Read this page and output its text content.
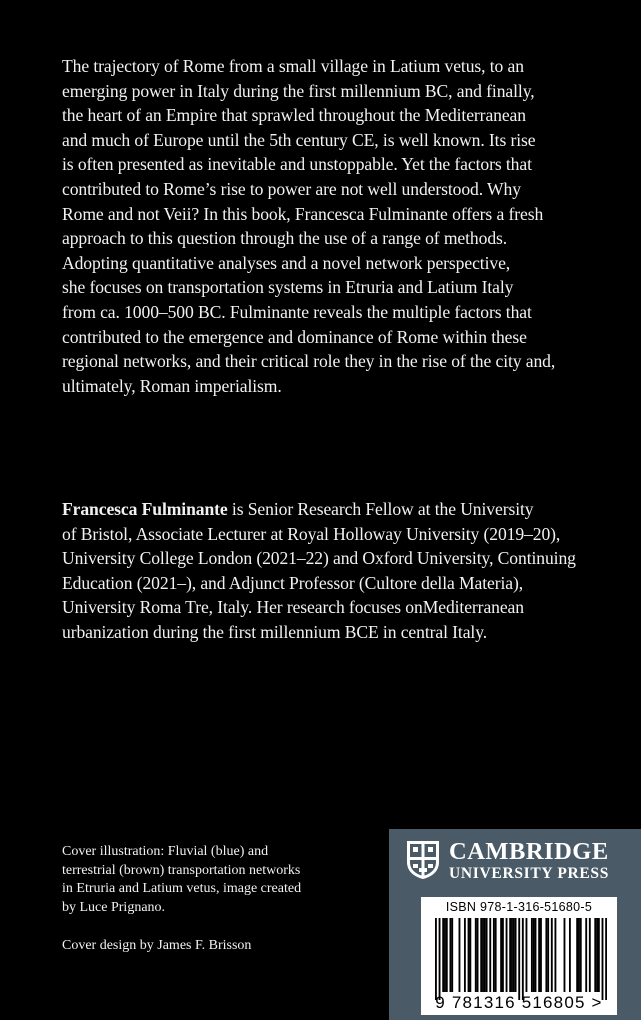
The trajectory of Rome from a small village in Latium vetus, to an
emerging power in Italy during the first millennium BC, and finally,
the heart of an Empire that sprawled throughout the Mediterranean
and much of Europe until the 5th century CE, is well known. Its rise
is often presented as inevitable and unstoppable. Yet the factors that
contributed to Rome’s rise to power are not well understood. Why
Rome and not Veii? In this book, Francesca Fulminante offers a fresh
approach to this question through the use of a range of methods.
Adopting quantitative analyses and a novel network perspective,
she focuses on transportation systems in Etruria and Latium Italy
from ca. 1000–500 BC. Fulminante reveals the multiple factors that
contributed to the emergence and dominance of Rome within these
regional networks, and their critical role they in the rise of the city and,
ultimately, Roman imperialism.
Francesca Fulminante is Senior Research Fellow at the University
of Bristol, Associate Lecturer at Royal Holloway University (2019–20),
University College London (2021–22) and Oxford University, Continuing
Education (2021–), and Adjunct Professor (Cultore della Materia),
University Roma Tre, Italy. Her research focuses onMediterranean
urbanization during the first millennium BCE in central Italy.
Cover illustration: Fluvial (blue) and
terrestrial (brown) transportation networks
in Etruria and Latium vetus, image created
by Luce Prignano.
Cover design by James F. Brisson
CAMBRIDGE
UNIVERSITY PRESS
ISBN 978-1-316-51680-5
9 781316 516805 >
